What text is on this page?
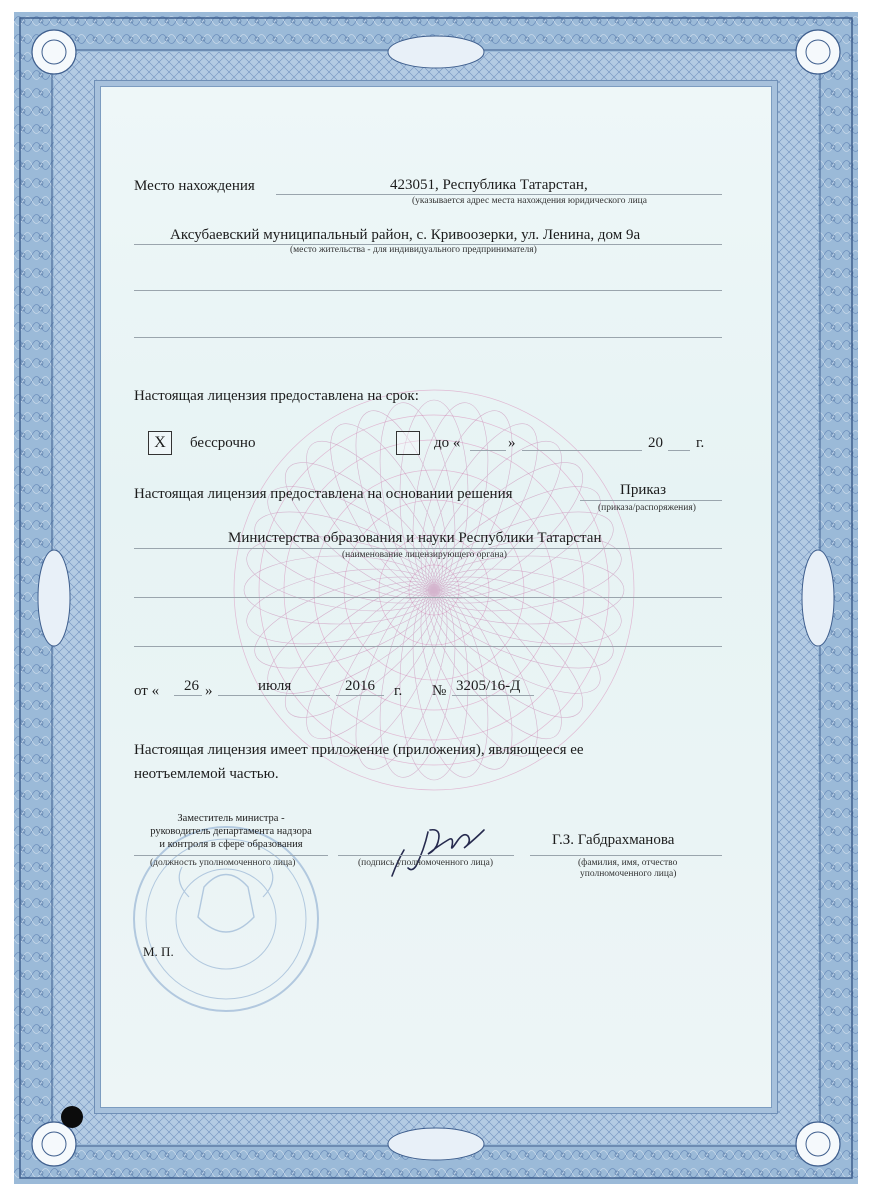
Место нахождения	423051, Республика Татарстан,
(указывается адрес места нахождения юридического лица
Аксубаевский муниципальный район, с. Кривоозерки, ул. Ленина, дом 9а
(место жительства - для индивидуального предпринимателя)
Настоящая лицензия предоставлена на срок:
X	бессрочно	до «	»	20 г.
Настоящая лицензия предоставлена на основании решения	Приказ
(приказа/распоряжения)
Министерства образования и науки Республики Татарстан
(наименование лицензирующего органа)
от « 26 »	июля	2016 г. № 3205/16-Д
Настоящая лицензия имеет приложение (приложения), являющееся ее
неотъемлемой частью.
Заместитель министра -
руководитель департамента надзора
и контроля в сфере образования
(должность уполномоченного лица)	(подпись уполномоченного лица)
Г.З. Габдрахманова
(фамилия, имя, отчество
уполномоченного лица)
М. П.
